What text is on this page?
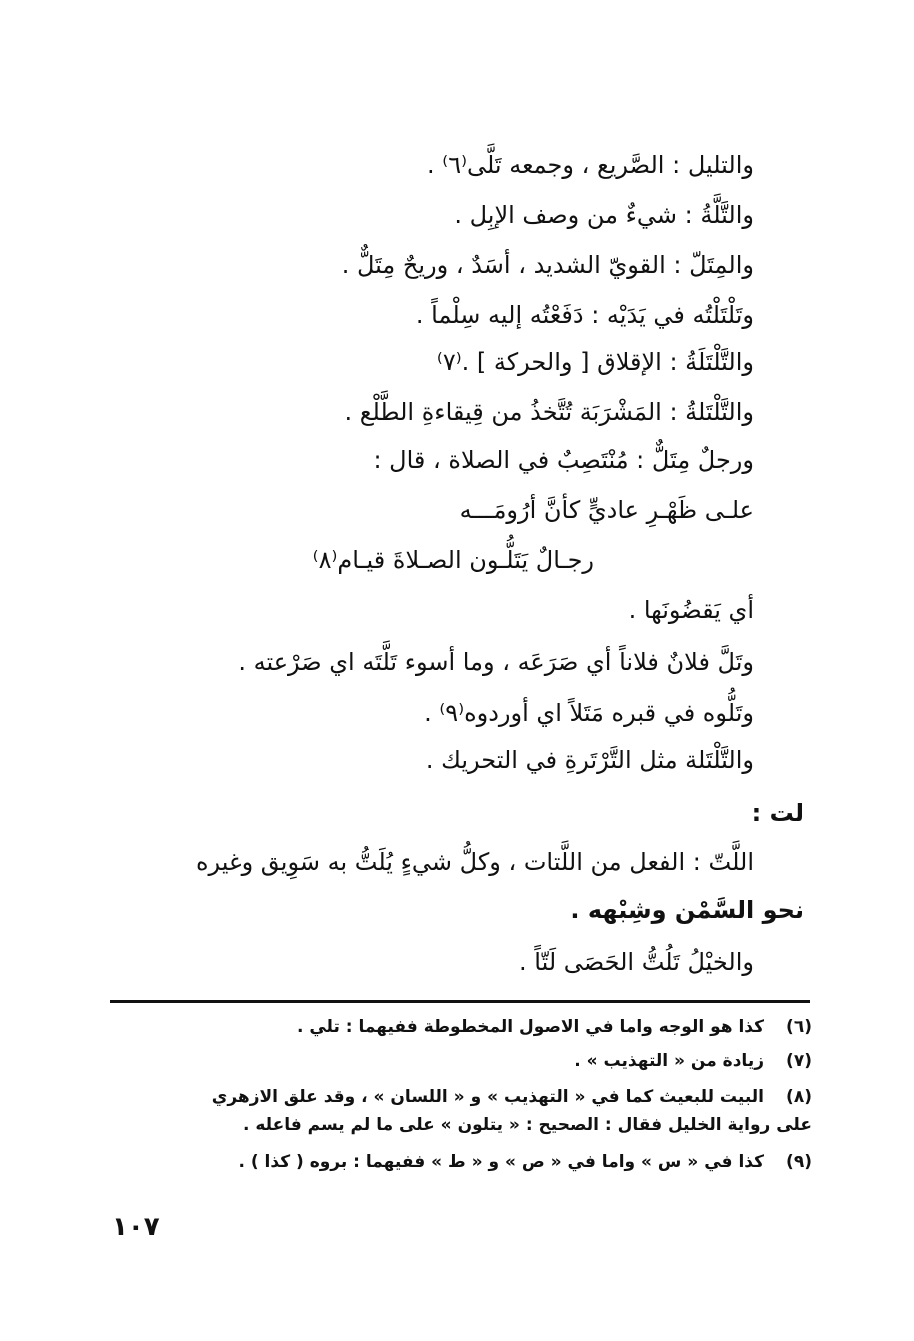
والتليل : الصَّريع ، وجمعه تَلَّى⁽٦⁾ .
والتَّلَّةُ : شيءٌ من وصف الإبِل .
والمِتَلّ : القويّ الشديد ، أسَدٌ ، وريحٌ مِتَلٌّ .
وتَلْتَلْتُه في يَدَيْه : دَفَعْتُه إليه سِلْماً .
والتَّلْتَلَةُ : الإقلاق [ والحركة ] .⁽٧⁾
والتَّلْتَلةُ : المَشْرَبَة تُتَّخذُ من قِيقاءةِ الطَّلْع .
ورجلٌ مِتَلٌّ : مُنْتَصِبٌ في الصلاة ، قال :
علـى ظَهْـرِ عاديٍّ كأنَّ أرُومَـــه
رجـالٌ يَتَلُّـون الصـلاةَ قيـام⁽٨⁾
أي يَقضُونَها .
وتَلَّ فلانٌ فلاناً أي صَرَعَه ، وما أسوء تَلَّتَه اي صَرْعته .
وتَلُّوه في قبره مَتَلاً اي أوردوه⁽٩⁾ .
والتَّلْتَلة مثل التَّرْتَرةِ في التحريك .
لت :
اللَّتّ : الفعل من اللَّتات ، وكلُّ شيءٍ يُلَتُّ به سَوِيق وغيره
نحو السَّمْن وشِبْهه .
والخيْلُ تَلُتُّ الحَصَى لَتّاً .
(٦)
كذا هو الوجه واما في الاصول المخطوطة ففيهما : تلي .
(٧)
زيادة من « التهذيب » .
(٨)
البيت للبعيث كما في « التهذيب » و « اللسان » ، وقد علق الازهري
على رواية الخليل فقال : الصحيح : « يتلون » على ما لم يسم فاعله .
(٩)
كذا في « س » واما في « ص » و « ط » ففيهما : بروه ( كذا ) .
١٠٧
